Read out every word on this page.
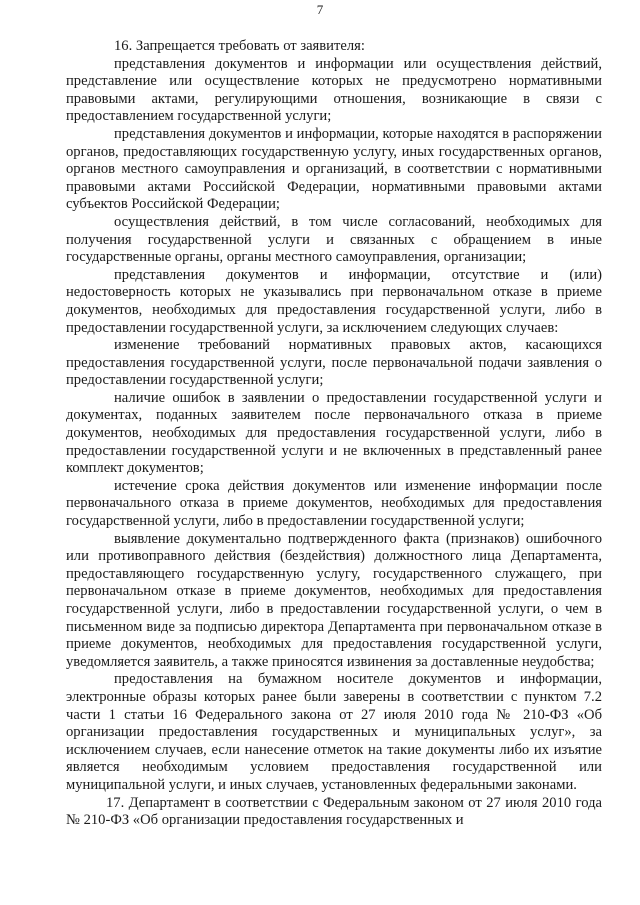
7

16. Запрещается требовать от заявителя:

представления документов и информации или осуществления действий, представление или осуществление которых не предусмотрено нормативными правовыми актами, регулирующими отношения, возникающие в связи с предоставлением государственной услуги;

представления документов и информации, которые находятся в распоряжении органов, предоставляющих государственную услугу, иных государственных органов, органов местного самоуправления и организаций, в соответствии с нормативными правовыми актами Российской Федерации, нормативными правовыми актами субъектов Российской Федерации;

осуществления действий, в том числе согласований, необходимых для получения государственной услуги и связанных с обращением в иные государственные органы, органы местного самоуправления, организации;

представления документов и информации, отсутствие и (или) недостоверность которых не указывались при первоначальном отказе в приеме документов, необходимых для предоставления государственной услуги, либо в предоставлении государственной услуги, за исключением следующих случаев:

изменение требований нормативных правовых актов, касающихся предоставления государственной услуги, после первоначальной подачи заявления о предоставлении государственной услуги;

наличие ошибок в заявлении о предоставлении государственной услуги и документах, поданных заявителем после первоначального отказа в приеме документов, необходимых для предоставления государственной услуги, либо в предоставлении государственной услуги и не включенных в представленный ранее комплект документов;

истечение срока действия документов или изменение информации после первоначального отказа в приеме документов, необходимых для предоставления государственной услуги, либо в предоставлении государственной услуги;

выявление документально подтвержденного факта (признаков) ошибочного или противоправного действия (бездействия) должностного лица Департамента, предоставляющего государственную услугу, государственного служащего, при первоначальном отказе в приеме документов, необходимых для предоставления государственной услуги, либо в предоставлении государственной услуги, о чем в письменном виде за подписью директора Департамента при первоначальном отказе в приеме документов, необходимых для предоставления государственной услуги, уведомляется заявитель, а также приносятся извинения за доставленные неудобства;

предоставления на бумажном носителе документов и информации, электронные образы которых ранее были заверены в соответствии с пунктом 7.2 части 1 статьи 16 Федерального закона от 27 июля 2010 года № 210-ФЗ «Об организации предоставления государственных и муниципальных услуг», за исключением случаев, если нанесение отметок на такие документы либо их изъятие является необходимым условием предоставления государственной или муниципальной услуги, и иных случаев, установленных федеральными законами.

17. Департамент в соответствии с Федеральным законом от 27 июля 2010 года № 210-ФЗ «Об организации предоставления государственных и
